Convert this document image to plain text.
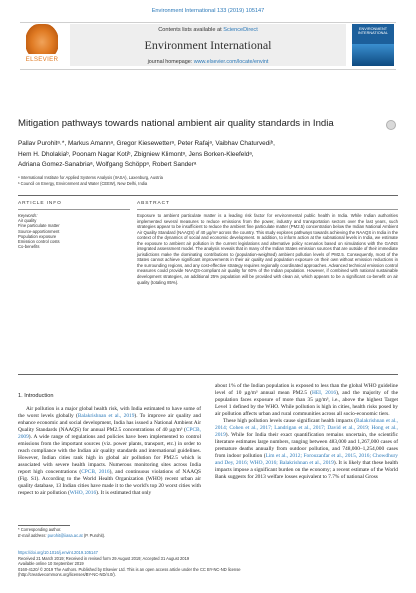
Environment International 133 (2019) 105147
ELSEVIER
Contents lists available at ScienceDirect
Environment International
journal homepage: www.elsevier.com/locate/envint
ENVIRONMENT INTERNATIONAL
Mitigation pathways towards national ambient air quality standards in India
Pallav Purohitᵃ˒*, Markus Amannᵃ, Gregor Kiesewetterᵃ, Peter Rafajᵃ, Vaibhav Chaturvediᵇ,
Hem H. Dholakiaᵇ, Poonam Nagar Kotiᵇ, Zbigniew Klimontᵃ, Jens Borken-Kleefeldᵃ,
Adriana Gomez-Sanabriaᵃ, Wolfgang Schöppᵃ, Robert Sanderᵃ
ᵃ International Institute for Applied Systems Analysis (IIASA), Laxenburg, Austria
ᵇ Council on Energy, Environment and Water (CEEW), New Delhi, India
ARTICLE INFO	ABSTRACT
Keywords:
Air quality
Fine particulate matter
Source-apportionment
Population exposure
Emission control costs
Co-benefits
Exposure to ambient particulate matter is a leading risk factor for environmental public health in India. While Indian authorities implemented several measures to reduce emissions from the power, industry and transportation sectors over the last years, such strategies appear to be insufficient to reduce the ambient fine particulate matter (PM2.5) concentration below the Indian National Ambient Air Quality Standard (NAAQS) of 40 µg/m³ across the country. This study explores pathways towards achieving the NAAQS in India in the context of the dynamics of social and economic development. In addition, to inform action at the subnational levels in India, we estimate the exposure to ambient air pollution in the current legislations and alternative policy scenarios based on simulations with the GAINS integrated assessment model. The analysis reveals that in many of the Indian States emission sources that are outside of their immediate jurisdictions make the dominating contributions to (population-weighted) ambient pollution levels of PM2.5. Consequently, most of the States cannot achieve significant improvements in their air quality and population exposure on their own without emission reductions in the surrounding regions, and any cost-effective strategy requires regionally coordinated approaches. Advanced technical emission control measures could provide NAAQS-compliant air quality for 60% of the Indian population. However, if combined with national sustainable development strategies, an additional 25% population will be provided with clean air, which appears to be a significant co-benefit on air quality (totaling 85%).
1. Introduction

Air pollution is a major global health risk, with India estimated to have some of the worst levels globally (Balakrishnan et al., 2019). To improve air quality and enhance economic and social development, India has issued a National Ambient Air Quality Standards (NAAQS) for annual PM2.5 concentrations of 40 µg/m³ (CPCB, 2009). A wide range of regulations and policies have been implemented to control emissions from the important sources (viz. power plants, transport, etc.) in order to reach compliance with the Indian air quality standards and international guidelines. However, Indian cities rank high in global air pollution for PM2.5 which is associated with severe health impacts. Numerous monitoring sites across India report high concentrations (CPCB, 2016), and continuous violations of NAAQS (Fig. S1). According to the World Health Organization (WHO) recent urban air quality database, 13 Indian cities have made it to the world's top 20 worst cities with respect to air pollution (WHO, 2016). It is estimated that only

about 1% of the Indian population is exposed to less than the global WHO guideline level of 10 µg/m³ annual mean PM2.5 (HEI, 2016), and the majority of the population faces exposure of more than 35 µg/m³, i.e., above the highest Target Level 1 defined by the WHO. While pollution is high in cities, health risks posed by air pollution affects urban and rural communities across all socio-economic tiers.

These high pollution levels cause significant health impacts (Balakrishnan et al., 2014; Cohen et al., 2017; Landrigan et al., 2017; David et al., 2019; Hong et al., 2019). While for India their exact quantification remains uncertain, the scientific literature estimates large numbers, ranging between 483,000 and 1,267,000 cases of premature deaths annually from outdoor pollution, and 748,000–1,254,000 cases from indoor pollution (Lim et al., 2012; Forouzanfar et al., 2015, 2016; Chowdhury and Dey, 2016; WHO, 2016; Balakrishnan et al., 2019). It is likely that these health impacts impose a significant burden on the economy; a recent estimate of the World Bank suggests for 2013 welfare losses equivalent to 7.7% of national Gross

* Corresponding author.
E-mail address: purohit@iiasa.ac.at (P. Purohit).
https://doi.org/10.1016/j.envint.2019.105147
Received 21 March 2019; Received in revised form 29 August 2019; Accepted 31 August 2019
Available online 10 September 2019
0160-4120/ © 2019 The Authors. Published by Elsevier Ltd. This is an open access article under the CC BY-NC-ND license
(http://creativecommons.org/licenses/BY-NC-ND/4.0/).
